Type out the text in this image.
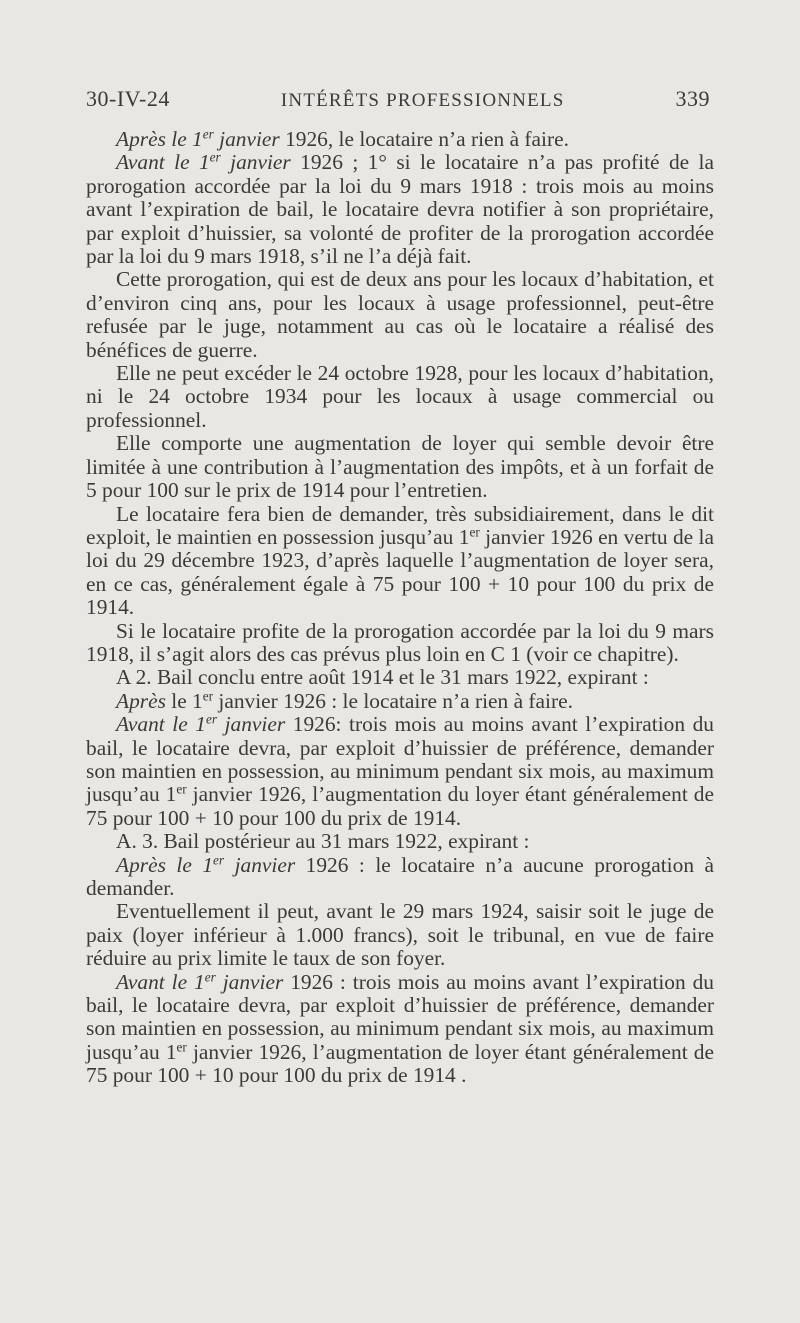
30-IV-24	INTÉRÊTS PROFESSIONNELS	339

Après le 1er janvier 1926, le locataire n’a rien à faire.

Avant le 1er janvier 1926 ; 1° si le locataire n’a pas profité de la prorogation accordée par la loi du 9 mars 1918 : trois mois au moins avant l’expiration de bail, le locataire devra notifier à son propriétaire, par exploit d’huissier, sa volonté de profiter de la prorogation accordée par la loi du 9 mars 1918, s’il ne l’a déjà fait.

Cette prorogation, qui est de deux ans pour les locaux d’habitation, et d’environ cinq ans, pour les locaux à usage professionnel, peut-être refusée par le juge, notamment au cas où le locataire a réalisé des bénéfices de guerre.

Elle ne peut excéder le 24 octobre 1928, pour les locaux d’habitation, ni le 24 octobre 1934 pour les locaux à usage commercial ou professionnel.

Elle comporte une augmentation de loyer qui semble devoir être limitée à une contribution à l’augmentation des impôts, et à un forfait de 5 pour 100 sur le prix de 1914 pour l’entretien.

Le locataire fera bien de demander, très subsidiairement, dans le dit exploit, le maintien en possession jusqu’au 1er janvier 1926 en vertu de la loi du 29 décembre 1923, d’après laquelle l’augmentation de loyer sera, en ce cas, généralement égale à 75 pour 100 + 10 pour 100 du prix de 1914.

Si le locataire profite de la prorogation accordée par la loi du 9 mars 1918, il s’agit alors des cas prévus plus loin en C 1 (voir ce chapitre).

A 2. Bail conclu entre août 1914 et le 31 mars 1922, expirant :

Après le 1er janvier 1926 : le locataire n’a rien à faire.

Avant le 1er janvier 1926: trois mois au moins avant l’expiration du bail, le locataire devra, par exploit d’huissier de préférence, demander son maintien en possession, au minimum pendant six mois, au maximum jusqu’au 1er janvier 1926, l’augmentation du loyer étant généralement de 75 pour 100 + 10 pour 100 du prix de 1914.

A. 3. Bail postérieur au 31 mars 1922, expirant :

Après le 1er janvier 1926 : le locataire n’a aucune prorogation à demander.

Eventuellement il peut, avant le 29 mars 1924, saisir soit le juge de paix (loyer inférieur à 1.000 francs), soit le tribunal, en vue de faire réduire au prix limite le taux de son foyer.

Avant le 1er janvier 1926 : trois mois au moins avant l’expiration du bail, le locataire devra, par exploit d’huissier de préférence, demander son maintien en possession, au minimum pendant six mois, au maximum jusqu’au 1er janvier 1926, l’augmentation de loyer étant généralement de 75 pour 100 + 10 pour 100 du prix de 1914 .
